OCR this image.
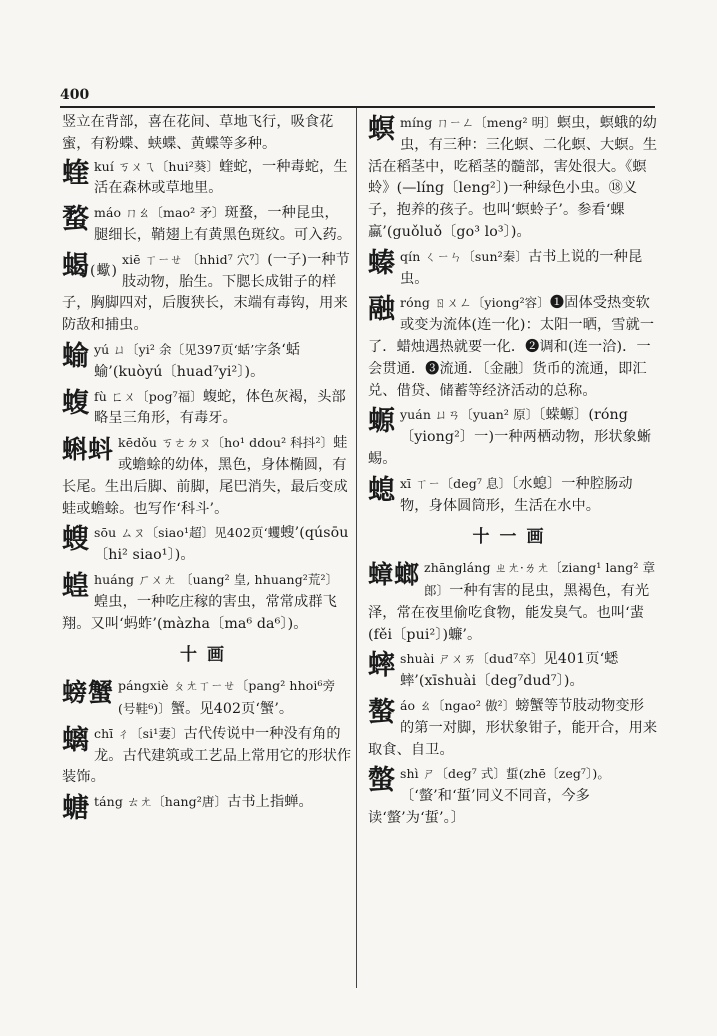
400

竖立在背部，喜在花间、草地飞行，吸食花蜜，有粉蝶、蛱蝶、黄蝶等多种。

蝰 kuí ㄎㄨㄟ〔hui²葵〕蝰蛇，一种毒蛇，生活在森林或草地里。
蝥 máo ㄇㄠ〔mao² 矛〕斑蝥，一种昆虫，腿细长，鞘翅上有黄黑色斑纹。可入药。
蝎(蠍)
xiē ㄒㄧㄝ 〔hhid⁷ 穴⁷〕(一子)一种节肢动物，胎生。下腮长成钳子的样子，胸脚四对，后腹狭长，末端有毒钩，用来防敌和捕虫。
蝓 yú ㄩ〔yi² 余〔见397页‘蛞’字条‘蛞蝓’(kuòyú〔huad⁷yi²〕)。
蝮 fù ㄈㄨ〔pog⁷福〕蝮蛇，体色灰褐，头部略呈三角形，有毒牙。
蝌蚪 kēdǒu ㄎㄜㄉㄡ〔ho¹ ddou² 科抖²〕蛙或蟾蜍的幼体，黑色，身体椭圆，有长尾。生出后脚、前脚，尾巴消失，最后变成蛙或蟾蜍。也写作‘科斗’。
螋 sōu ㄙㄡ〔siao¹超〕见402页‘蠼螋’(qúsōu〔hi² siao¹〕)。
蝗 huáng ㄏㄨㄤ 〔uang² 皇, hhuang²荒²〕蝗虫，一种吃庄稼的害虫，常常成群飞翔。又叫‘蚂蚱’(màzha〔ma⁶ da⁶〕)。
十画
螃蟹 pángxiè ㄆㄤㄒㄧㄝ〔pang² hhoi⁶旁(号鞋⁶)〕蟹。见402页‘蟹’。
螭 chī ㄔ〔si¹妻〕古代传说中一种没有角的龙。古代建筑或工艺品上常用它的形状作装饰。
螗 táng ㄊㄤ〔hang²唐〕古书上指蝉。
螟 míng ㄇㄧㄥ〔meng² 明〕螟虫，螟蛾的幼虫，有三种：三化螟、二化螟、大螟。生活在稻茎中，吃稻茎的髓部，害处很大。《螟蛉》(—líng〔leng²〕)一种绿色小虫。⑱义子，抱养的孩子。也叫‘螟蛉子’。参看‘蜾蠃’(guǒluǒ〔go³ lo³〕)。
螓 qín ㄑㄧㄣ〔sun²秦〕古书上说的一种昆虫。
融 róng ㄖㄨㄥ〔yiong²容〕❶固体受热变软或变为流体(连一化)：太阳一晒，雪就一了．蜡烛遇热就要一化．❷调和(连一洽)．一会贯通．❸流通．〔金融〕货币的流通，即汇兑、借贷、储蓄等经济活动的总称。
螈 yuán ㄩㄢ〔yuan² 原〕〔蝾螈〕(róng〔yiong²〕一)一种两栖动物，形状象蜥蜴。
螅 xī ㄒㄧ〔deg⁷ 息〕〔水螅〕一种腔肠动物，身体圆筒形，生活在水中。
十一画
蟑螂 zhāngláng ㄓㄤ·ㄌㄤ〔ziang¹ lang² 章郎〕一种有害的昆虫，黑褐色，有光泽，常在夜里偷吃食物，能发臭气。也叫‘蜚(fěi〔pui²〕)蠊’。
蟀 shuài ㄕㄨㄞ〔dud⁷卒〕见401页‘蟋蟀’(xīshuài〔deg⁷dud⁷〕)。
螯 áo ㄠ〔ngao² 傲²〕螃蟹等节肢动物变形的第一对脚，形状象钳子，能开合，用来取食、自卫。
螫 shì ㄕ〔deg⁷ 式〕蜇(zhē〔zeg⁷〕)。〔‘螫’和‘蜇’同义不同音，今多读‘螫’为‘蜇’。〕
